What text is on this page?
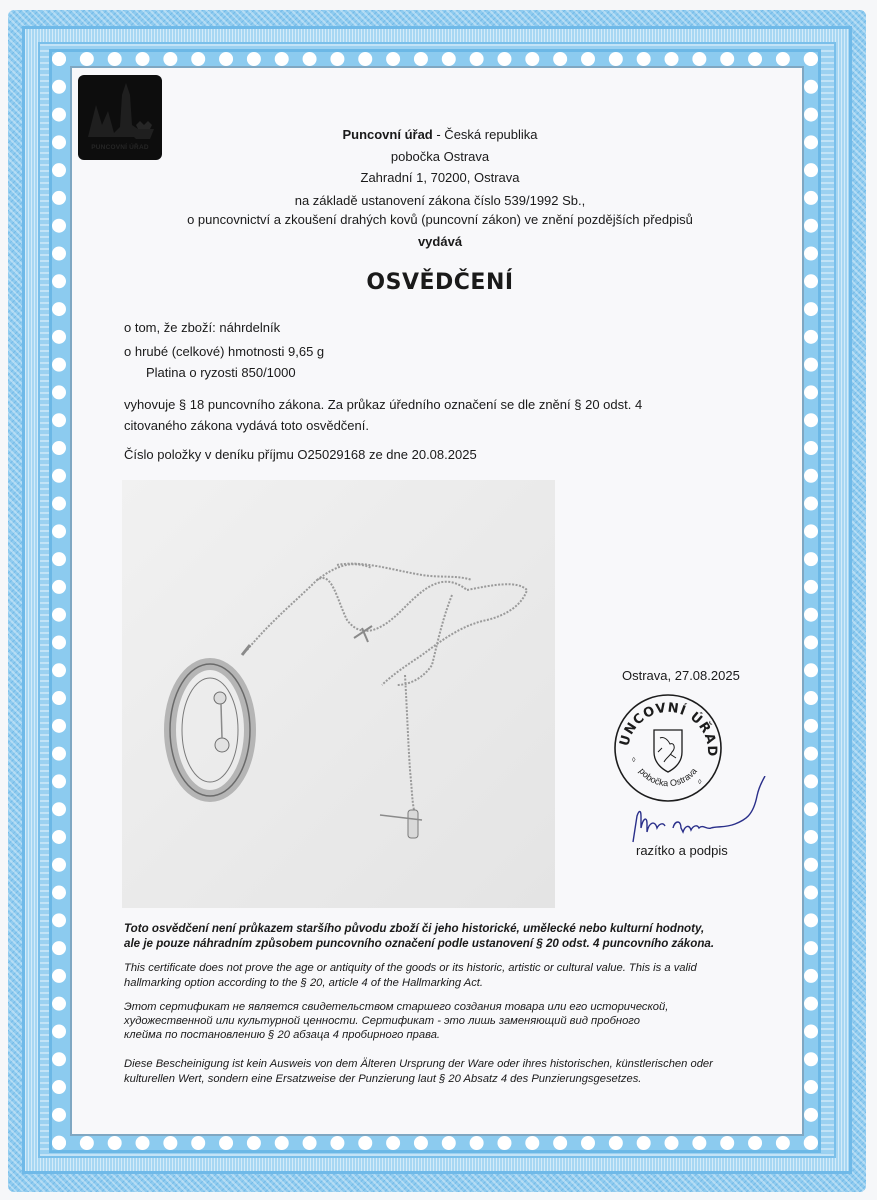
PUNCOVNÍ ÚŘAD
Puncovní úřad - Česká republika
pobočka Ostrava
Zahradní 1, 70200, Ostrava
na základě ustanovení zákona číslo 539/1992 Sb.,
o puncovnictví a zkoušení drahých kovů (puncovní zákon) ve znění pozdějších předpisů
vydává
OSVĚDČENÍ
o tom, že zboží: náhrdelník
o hrubé (celkové) hmotnosti 9,65 g
Platina o ryzosti 850/1000
vyhovuje § 18 puncovního zákona. Za průkaz úředního označení se dle znění § 20 odst. 4
citovaného zákona vydává toto osvědčení.
Číslo položky v deníku příjmu O25029168 ze dne 20.08.2025
Ostrava, 27.08.2025
UNCOVNÍ ÚŘAD
pobočka Ostrava
◊
◊
razítko a podpis
Toto osvědčení není průkazem staršího původu zboží či jeho historické, umělecké nebo kulturní hodnoty,
ale je pouze náhradním způsobem puncovního označení podle ustanovení § 20 odst. 4 puncovního zákona.
This certificate does not prove the age or antiquity of the goods or its historic, artistic or cultural value. This is a valid
hallmarking option according to the § 20, article 4 of the Hallmarking Act.
Этот сертификат не является свидетельством старшего создания товара или его исторической,
художественной или культурной ценности. Сертификат - это лишь заменяющий вид пробного
клейма по постановлению § 20 абзаца 4 пробирного права.
Diese Bescheinigung ist kein Ausweis von dem Älteren Ursprung der Ware oder ihres historischen, künstlerischen oder
kulturellen Wert, sondern eine Ersatzweise der Punzierung laut § 20 Absatz 4 des Punzierungsgesetzes.
